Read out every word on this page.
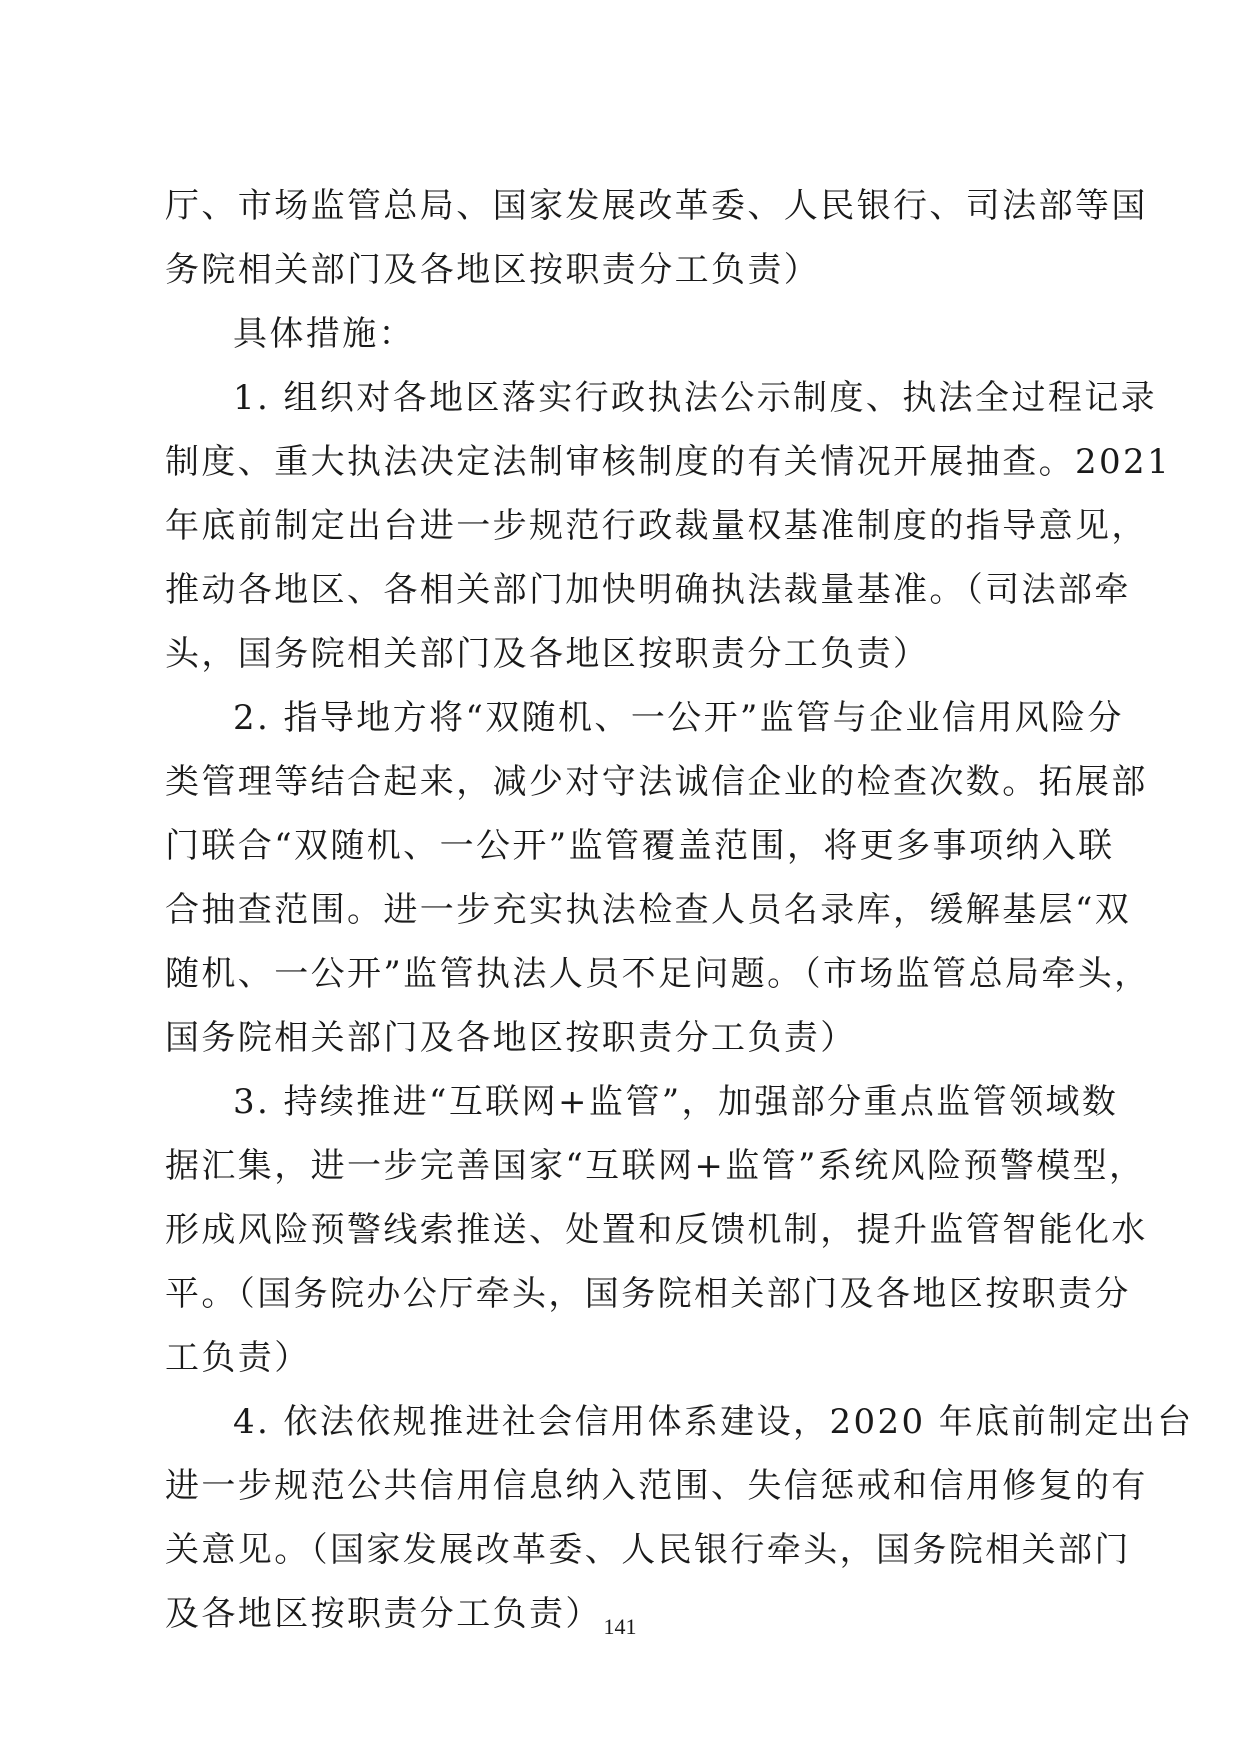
厅、市场监管总局、国家发展改革委、人民银行、司法部等国
务院相关部门及各地区按职责分工负责）
具体措施：
1. 组织对各地区落实行政执法公示制度、执法全过程记录
制度、重大执法决定法制审核制度的有关情况开展抽查。2021
年底前制定出台进一步规范行政裁量权基准制度的指导意见，
推动各地区、各相关部门加快明确执法裁量基准。（司法部牵
头，国务院相关部门及各地区按职责分工负责）
2. 指导地方将“双随机、一公开”监管与企业信用风险分
类管理等结合起来，减少对守法诚信企业的检查次数。拓展部
门联合“双随机、一公开”监管覆盖范围，将更多事项纳入联
合抽查范围。进一步充实执法检查人员名录库，缓解基层“双
随机、一公开”监管执法人员不足问题。（市场监管总局牵头，
国务院相关部门及各地区按职责分工负责）
3. 持续推进“互联网+监管”，加强部分重点监管领域数
据汇集，进一步完善国家“互联网+监管”系统风险预警模型，
形成风险预警线索推送、处置和反馈机制，提升监管智能化水
平。（国务院办公厅牵头，国务院相关部门及各地区按职责分
工负责）
4. 依法依规推进社会信用体系建设，2020 年底前制定出台
进一步规范公共信用信息纳入范围、失信惩戒和信用修复的有
关意见。（国家发展改革委、人民银行牵头，国务院相关部门
及各地区按职责分工负责） 141
